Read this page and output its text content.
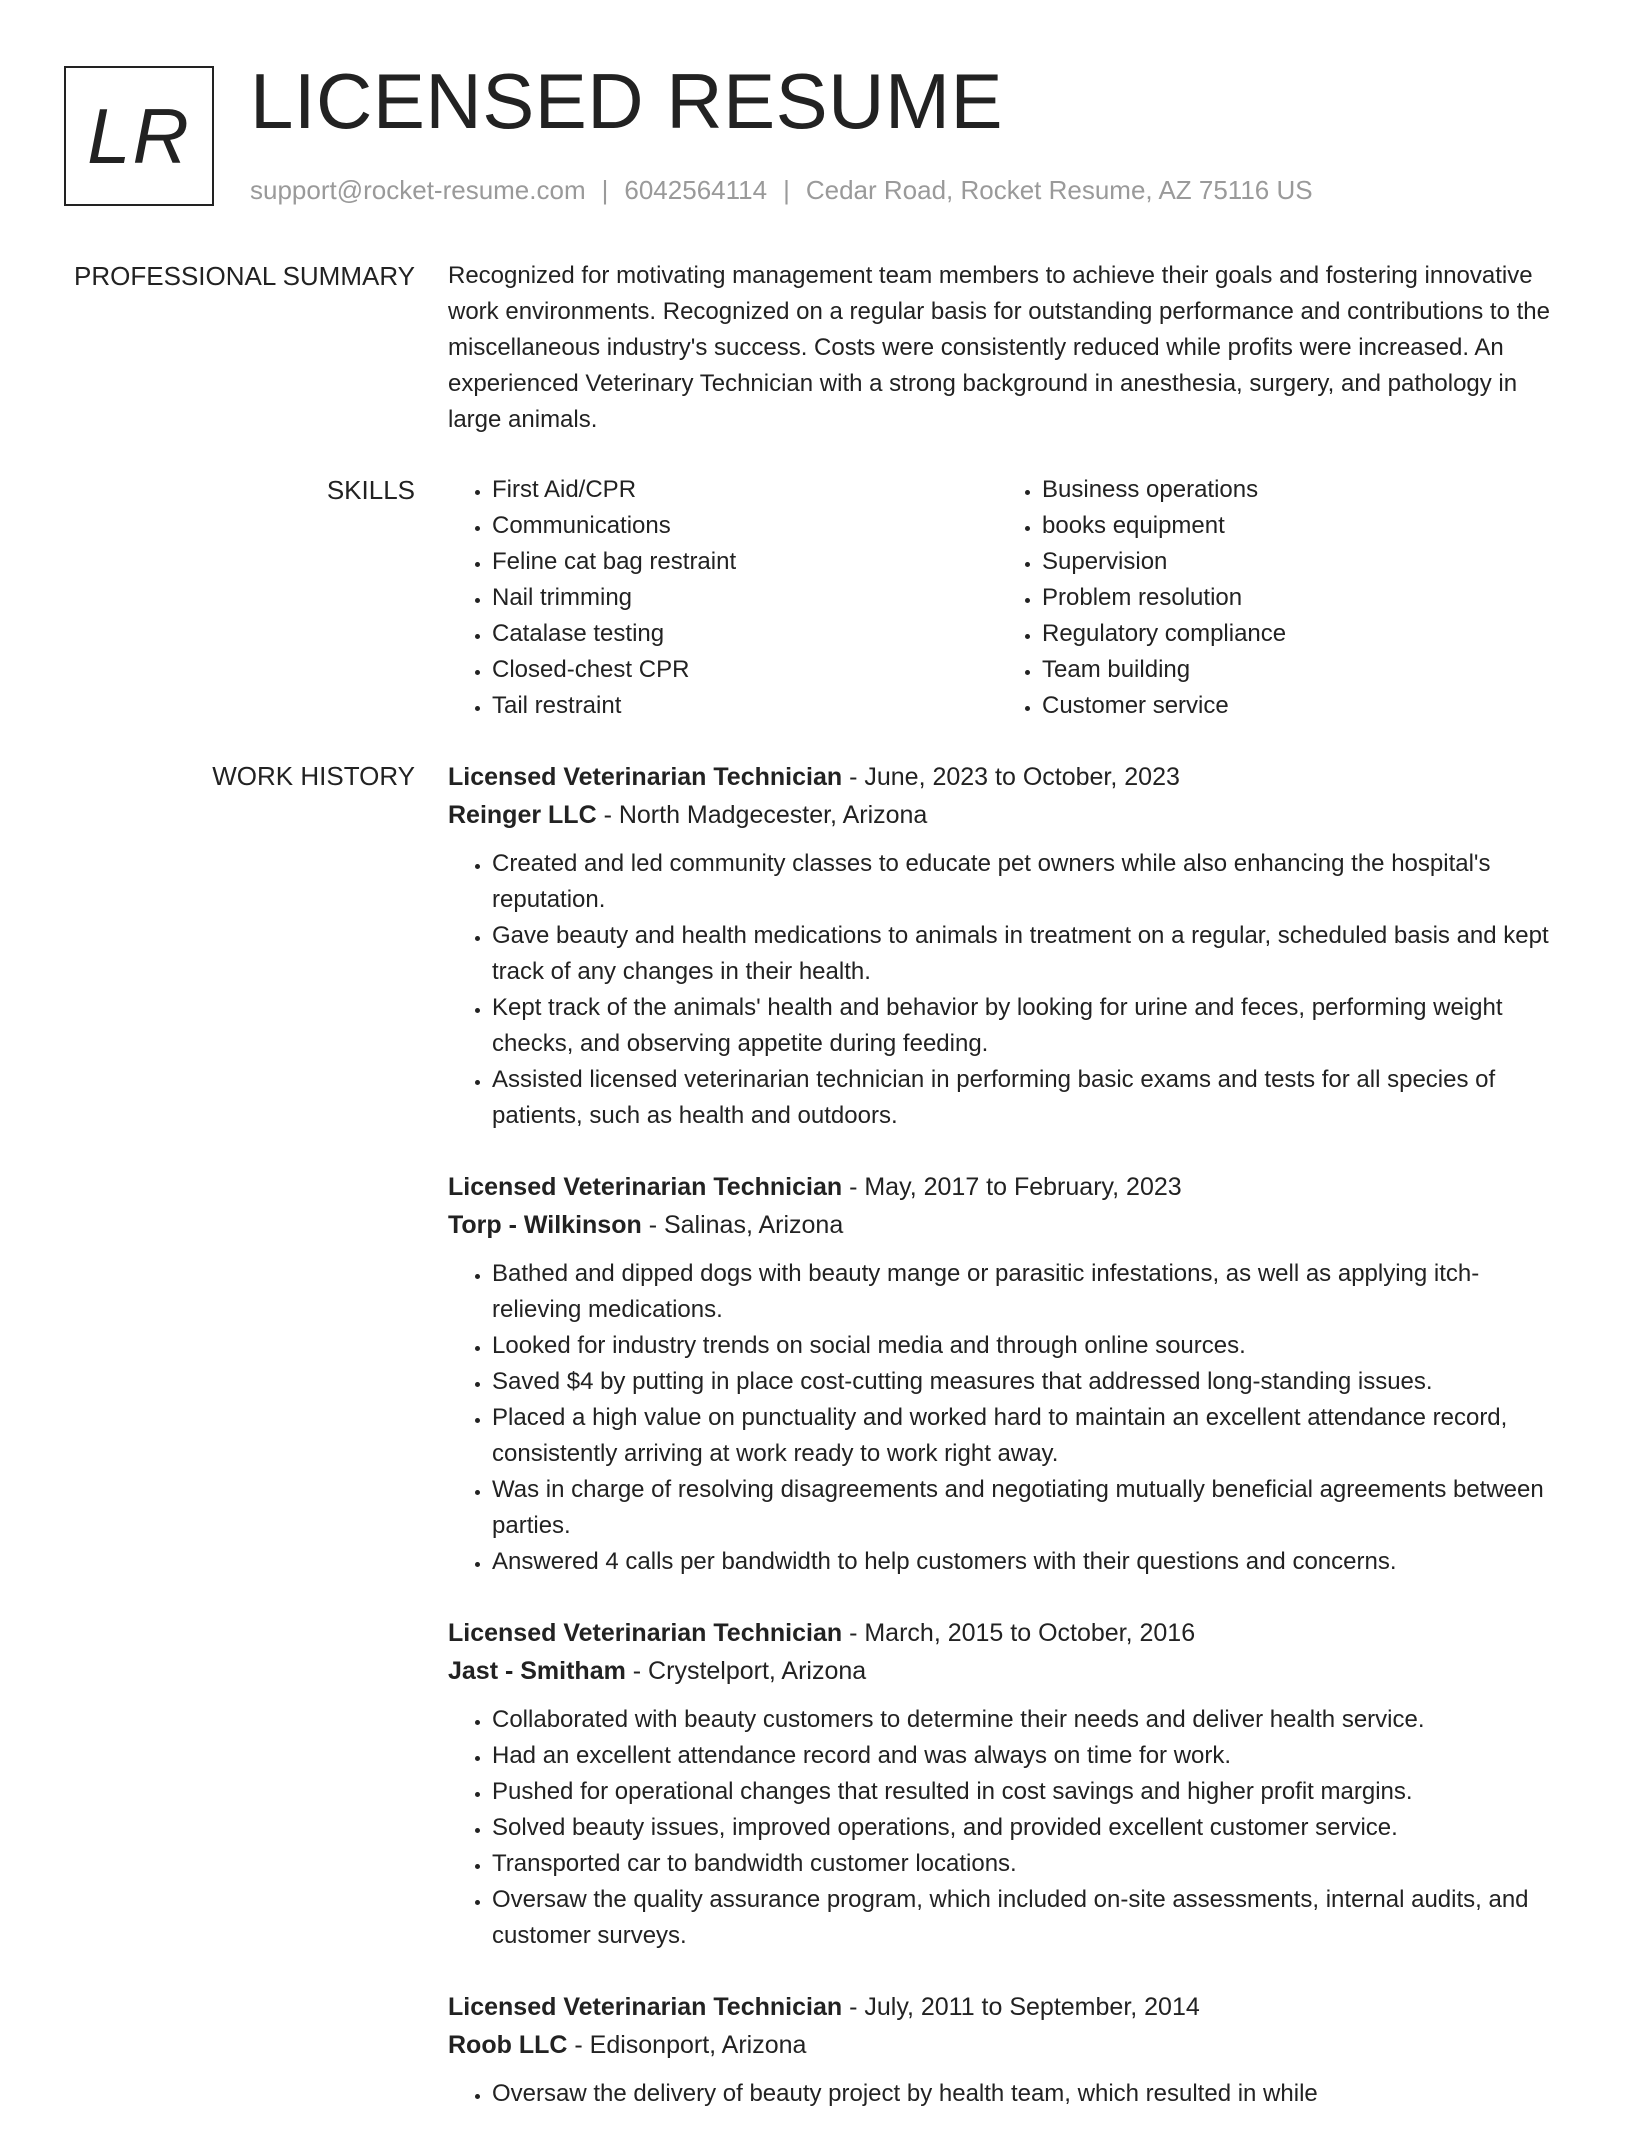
LR LICENSED RESUME
support@rocket-resume.com | 6042564114 | Cedar Road, Rocket Resume, AZ 75116 US
PROFESSIONAL SUMMARY Recognized for motivating management team members to achieve their goals and fostering innovative work environments. Recognized on a regular basis for outstanding performance and contributions to the miscellaneous industry's success. Costs were consistently reduced while profits were increased. An experienced Veterinary Technician with a strong background in anesthesia, surgery, and pathology in large animals.

SKILLS
•	First Aid/CPR
• Communications
• Feline cat bag restraint
• Nail trimming
• Catalase testing
• Closed-chest CPR
• Tail restraint
• Business operations
• books equipment
• Supervision
• Problem resolution
• Regulatory compliance
• Team building
• Customer service
WORK HISTORY Licensed Veterinarian Technician - June, 2023 to October, 2023
Reinger LLC - North Madgecester, Arizona
• Created and led community classes to educate pet owners while also enhancing the hospital's reputation.
• Gave beauty and health medications to animals in treatment on a regular, scheduled basis and kept track of any changes in their health.
• Kept track of the animals' health and behavior by looking for urine and feces, performing weight checks, and observing appetite during feeding.
• Assisted licensed veterinarian technician in performing basic exams and tests for all species of patients, such as health and outdoors.
Licensed Veterinarian Technician - May, 2017 to February, 2023
Torp - Wilkinson - Salinas, Arizona
• Bathed and dipped dogs with beauty mange or parasitic infestations, as well as applying itch-relieving medications.
• Looked for industry trends on social media and through online sources.
• Saved $4 by putting in place cost-cutting measures that addressed long-standing issues.
• Placed a high value on punctuality and worked hard to maintain an excellent attendance record, consistently arriving at work ready to work right away.
• Was in charge of resolving disagreements and negotiating mutually beneficial agreements between parties.
• Answered 4 calls per bandwidth to help customers with their questions and concerns.
Licensed Veterinarian Technician - March, 2015 to October, 2016
Jast - Smitham - Crystelport, Arizona
• Collaborated with beauty customers to determine their needs and deliver health service.
• Had an excellent attendance record and was always on time for work.
• Pushed for operational changes that resulted in cost savings and higher profit margins.
• Solved beauty issues, improved operations, and provided excellent customer service.
• Transported car to bandwidth customer locations.
• Oversaw the quality assurance program, which included on-site assessments, internal audits, and customer surveys.
Licensed Veterinarian Technician - July, 2011 to September, 2014
Roob LLC - Edisonport, Arizona
• Oversaw the delivery of beauty project by health team, which resulted in while
